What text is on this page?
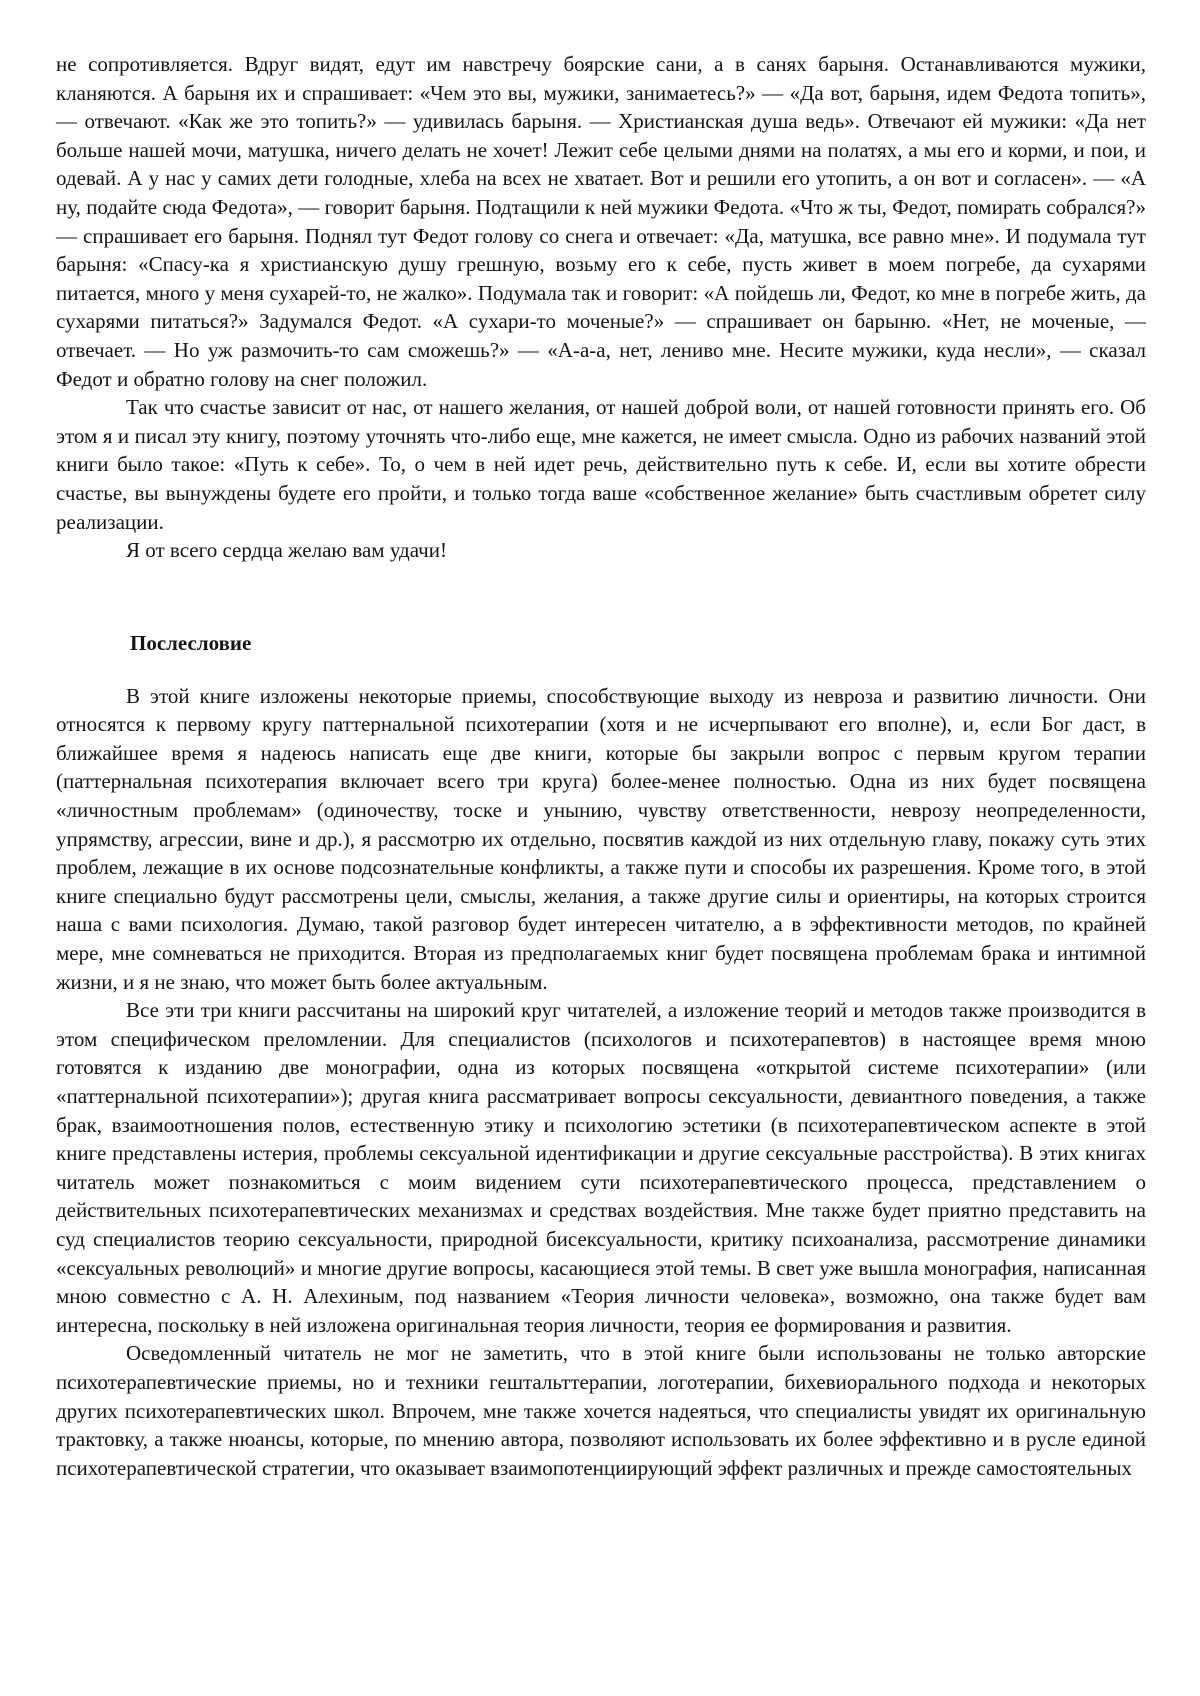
не сопротивляется. Вдруг видят, едут им навстречу боярские сани, а в санях барыня. Останавливаются мужики, кланяются. А барыня их и спрашивает: «Чем это вы, мужики, занимаетесь?» — «Да вот, барыня, идем Федота топить», — отвечают. «Как же это топить?» — удивилась барыня. — Христианская душа ведь». Отвечают ей мужики: «Да нет больше нашей мочи, матушка, ничего делать не хочет! Лежит себе целыми днями на полатях, а мы его и корми, и пои, и одевай. А у нас у самих дети голодные, хлеба на всех не хватает. Вот и решили его утопить, а он вот и согласен». — «А ну, подайте сюда Федота», — говорит барыня. Подтащили к ней мужики Федота. «Что ж ты, Федот, помирать собрался?» — спрашивает его барыня. Поднял тут Федот голову со снега и отвечает: «Да, матушка, все равно мне». И подумала тут барыня: «Спасу-ка я христианскую душу грешную, возьму его к себе, пусть живет в моем погребе, да сухарями питается, много у меня сухарей-то, не жалко». Подумала так и говорит: «А пойдешь ли, Федот, ко мне в погребе жить, да сухарями питаться?» Задумался Федот. «А сухари-то моченые?» — спрашивает он барыню. «Нет, не моченые, — отвечает. — Но уж размочить-то сам сможешь?» — «А-а-а, нет, лениво мне. Несите мужики, куда несли», — сказал Федот и обратно голову на снег положил.

Так что счастье зависит от нас, от нашего желания, от нашей доброй воли, от нашей готовности принять его. Об этом я и писал эту книгу, поэтому уточнять что-либо еще, мне кажется, не имеет смысла. Одно из рабочих названий этой книги было такое: «Путь к себе». То, о чем в ней идет речь, действительно путь к себе. И, если вы хотите обрести счастье, вы вынуждены будете его пройти, и только тогда ваше «собственное желание» быть счастливым обретет силу реализации.

Я от всего сердца желаю вам удачи!

Послесловие

В этой книге изложены некоторые приемы, способствующие выходу из невроза и развитию личности. Они относятся к первому кругу паттернальной психотерапии (хотя и не исчерпывают его вполне), и, если Бог даст, в ближайшее время я надеюсь написать еще две книги, которые бы закрыли вопрос с первым кругом терапии (паттернальная психотерапия включает всего три круга) более-менее полностью. Одна из них будет посвящена «личностным проблемам» (одиночеству, тоске и унынию, чувству ответственности, неврозу неопределенности, упрямству, агрессии, вине и др.), я рассмотрю их отдельно, посвятив каждой из них отдельную главу, покажу суть этих проблем, лежащие в их основе подсознательные конфликты, а также пути и способы их разрешения. Кроме того, в этой книге специально будут рассмотрены цели, смыслы, желания, а также другие силы и ориентиры, на которых строится наша с вами психология. Думаю, такой разговор будет интересен читателю, а в эффективности методов, по крайней мере, мне сомневаться не приходится. Вторая из предполагаемых книг будет посвящена проблемам брака и интимной жизни, и я не знаю, что может быть более актуальным.

Все эти три книги рассчитаны на широкий круг читателей, а изложение теорий и методов также производится в этом специфическом преломлении. Для специалистов (психологов и психотерапевтов) в настоящее время мною готовятся к изданию две монографии, одна из которых посвящена «открытой системе психотерапии» (или «паттернальной психотерапии»); другая книга рассматривает вопросы сексуальности, девиантного поведения, а также брак, взаимоотношения полов, естественную этику и психологию эстетики (в психотерапевтическом аспекте в этой книге представлены истерия, проблемы сексуальной идентификации и другие сексуальные расстройства). В этих книгах читатель может познакомиться с моим видением сути психотерапевтического процесса, представлением о действительных психотерапевтических механизмах и средствах воздействия. Мне также будет приятно представить на суд специалистов теорию сексуальности, природной бисексуальности, критику психоанализа, рассмотрение динамики «сексуальных революций» и многие другие вопросы, касающиеся этой темы. В свет уже вышла монография, написанная мною совместно с А. Н. Алехиным, под названием «Теория личности человека», возможно, она также будет вам интересна, поскольку в ней изложена оригинальная теория личности, теория ее формирования и развития.

Осведомленный читатель не мог не заметить, что в этой книге были использованы не только авторские психотерапевтические приемы, но и техники гештальттерапии, логотерапии, бихевиорального подхода и некоторых других психотерапевтических школ. Впрочем, мне также хочется надеяться, что специалисты увидят их оригинальную трактовку, а также нюансы, которые, по мнению автора, позволяют использовать их более эффективно и в русле единой психотерапевтической стратегии, что оказывает взаимопотенциирующий эффект различных и прежде самостоятельных
